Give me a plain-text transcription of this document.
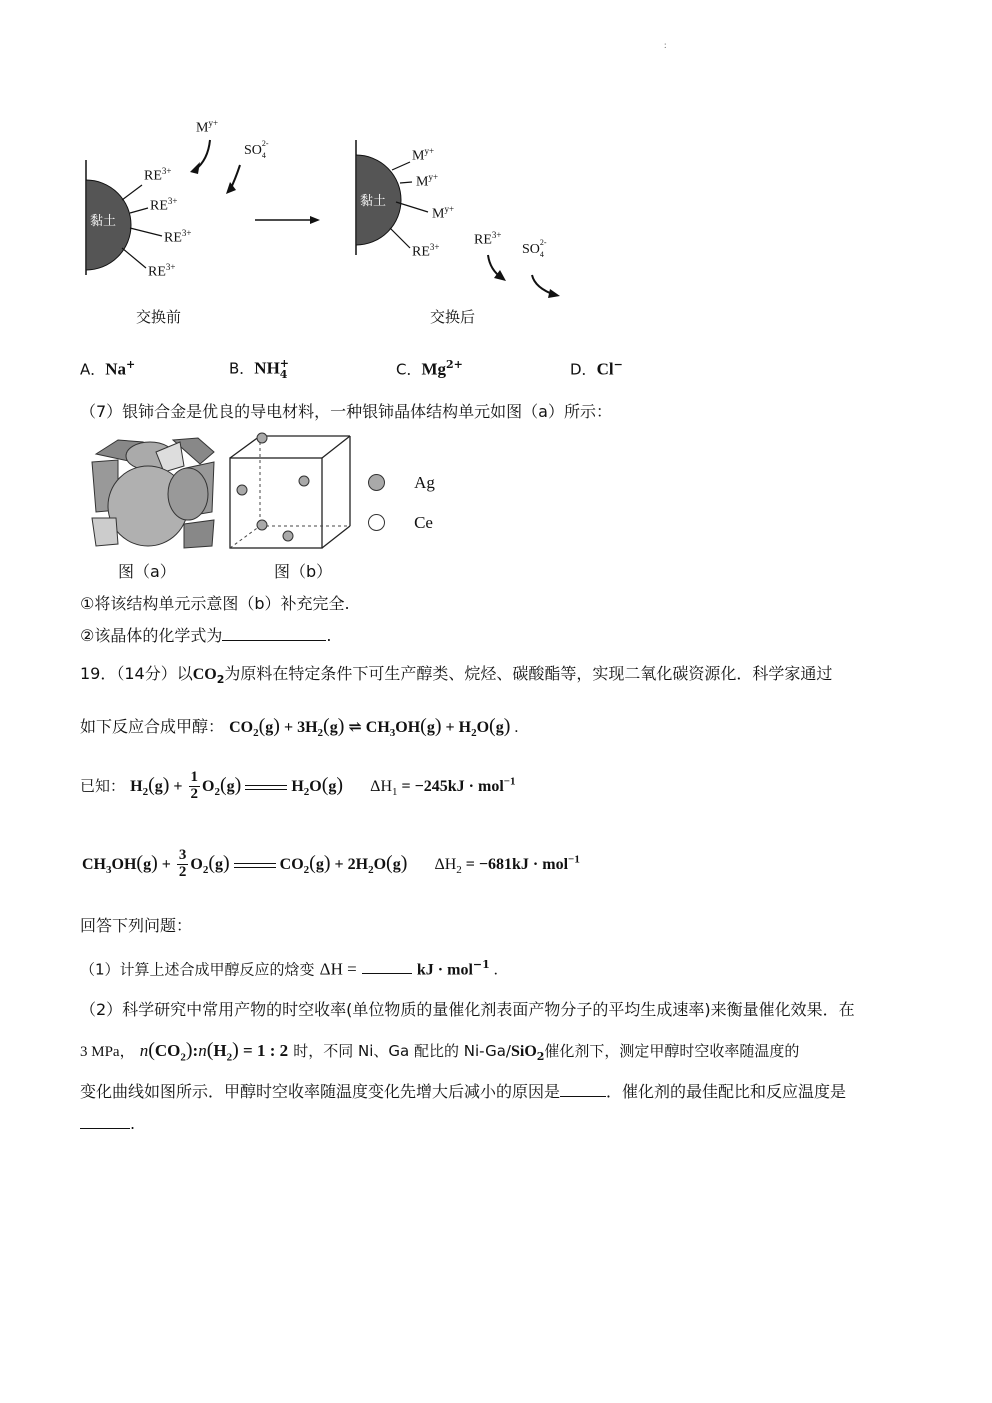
:
黏土
黏土
$M^{y+}$
SO 2-
4
$RE^{3+}$
$RE^{3+}$
$RE^{3+}$
$RE^{3+}$
$M^{y+}$
$M^{y+}$
$M^{y+}$
$RE^{3+}$ $RE^{3+}$
SO 2-
4
交换前	交换后
A．Na+	B．NH +
4	C．$Mg^{2+}$	D．Cl−
（7）银铈合金是优良的导电材料，一种银铈晶体结构单元如图（a）所示：
Ag
Ce
图（a）	图（b）
①将该结构单元示意图（b）补充完全.
②该晶体的化学式为	.
19．（14分）以$CO_2$为原料在特定条件下可生产醇类、烷烃、碳酸酯等，实现二氧化碳资源化．科学家通过
如下反应合成甲醇： $CO_2(g) + 3H_2(g)$ ⇌ $CH_3OH(g) + H_2O(g)$ .
已知： $H_2(g) + \frac{1}{2} O_2(g)$	$H_2O(g) \Delta H_1 = -245kJ \cdot mol^{-1}$
$CH_3OH(g) + \frac{3}{2} O_2(g)$	$CO_2(g) + 2H_2O(g) \Delta H_2 = -681kJ \cdot mol^{-1}$
回答下列问题：
（1）计算上述合成甲醇反应的焓变 ΔH =	kJ · mol$^{-1}$ .
（2）科学研究中常用产物的时空收率(单位物质的量催化剂表面产物分子的平均生成速率)来衡量催化效果．在
3 MPa， $n(CO_2):n(H_2) = 1$ : 2 时，不同 Ni、Ga 配比的 Ni-Ga/SiO$_2$催化剂下，测定甲醇时空收率随温度的
变化曲线如图所示．甲醇时空收率随温度变化先增大后减小的原因是	．催化剂的最佳配比和反应温度是
.
